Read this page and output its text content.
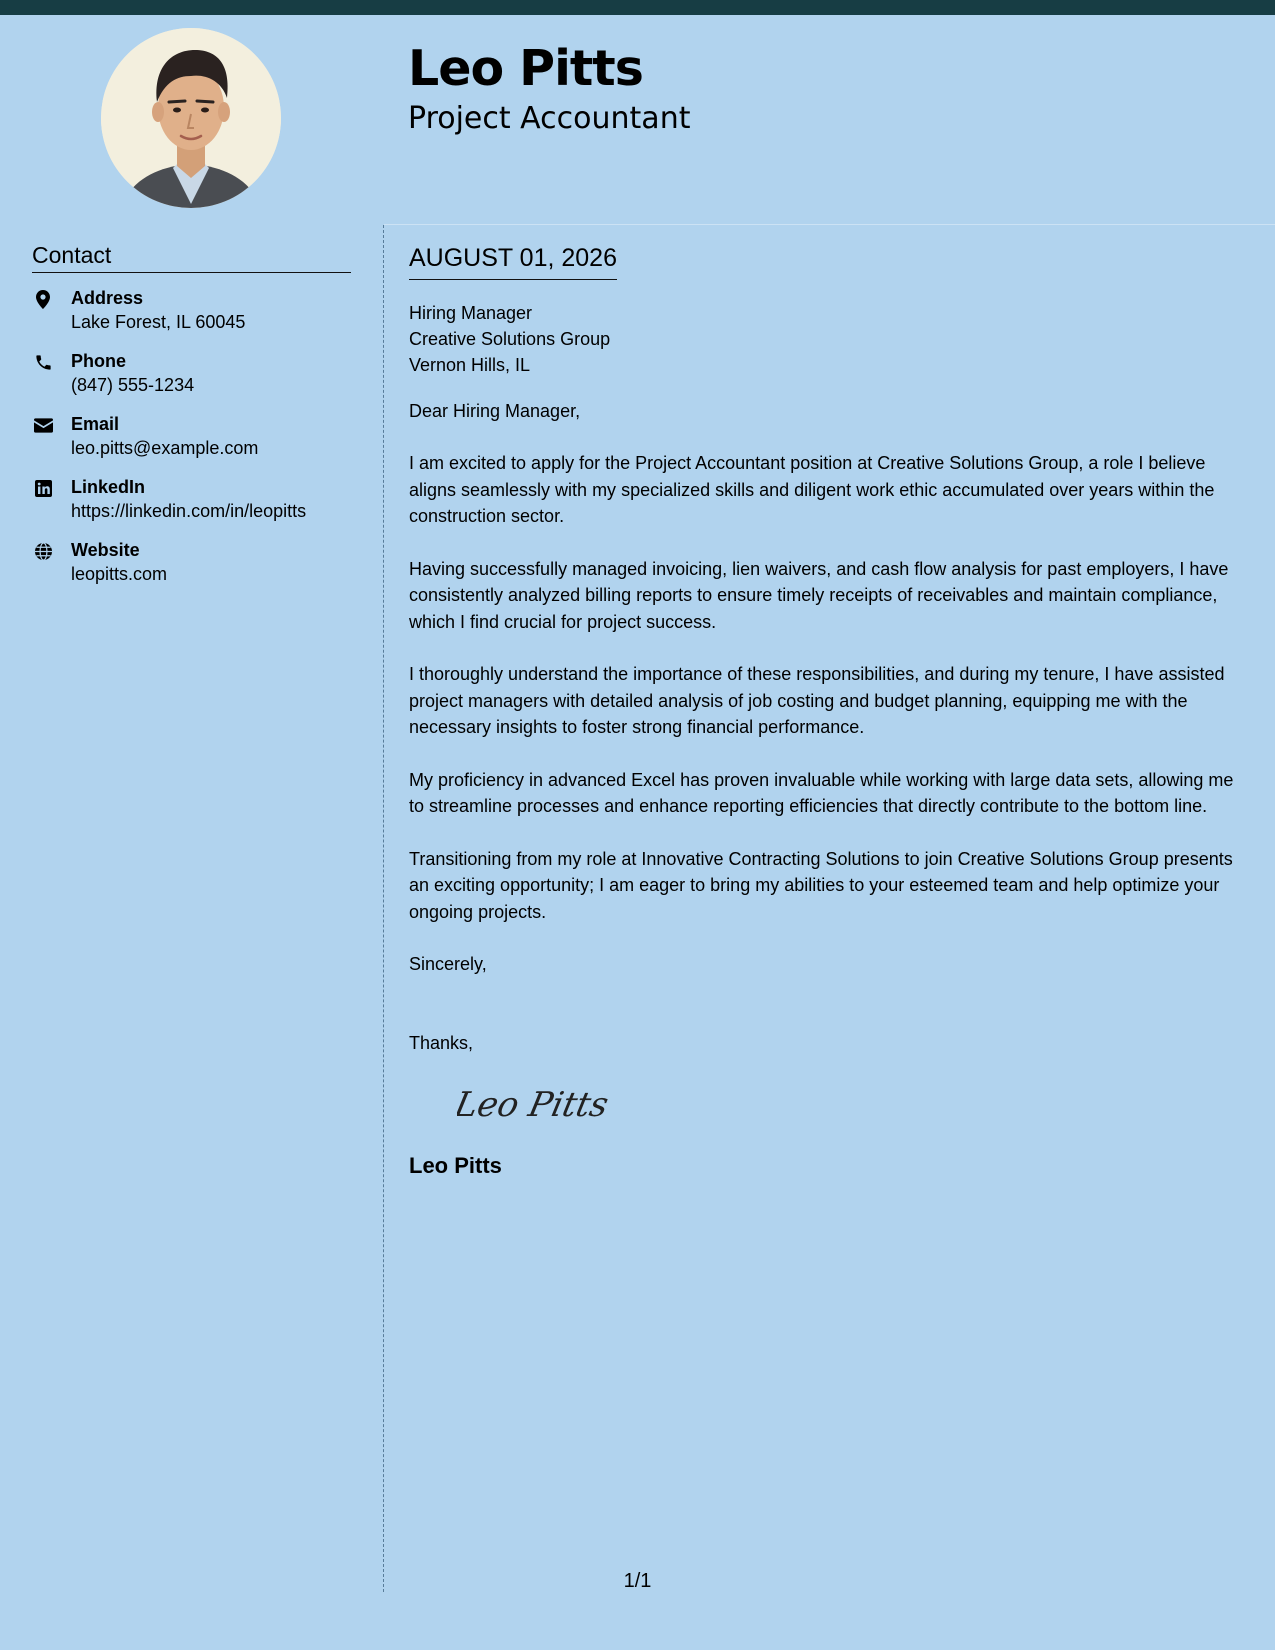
Leo Pitts
Project Accountant
Contact
Address
Lake Forest, IL 60045
Phone
(847) 555-1234
Email
leo.pitts@example.com
LinkedIn
https://linkedin.com/in/leopitts
Website
leopitts.com
AUGUST 01, 2026
Hiring Manager
Creative Solutions Group
Vernon Hills, IL
Dear Hiring Manager,

I am excited to apply for the Project Accountant position at Creative Solutions Group, a role I believe aligns seamlessly with my specialized skills and diligent work ethic accumulated over years within the construction sector.

Having successfully managed invoicing, lien waivers, and cash flow analysis for past employers, I have consistently analyzed billing reports to ensure timely receipts of receivables and maintain compliance, which I find crucial for project success.

I thoroughly understand the importance of these responsibilities, and during my tenure, I have assisted project managers with detailed analysis of job costing and budget planning, equipping me with the necessary insights to foster strong financial performance.

My proficiency in advanced Excel has proven invaluable while working with large data sets, allowing me to streamline processes and enhance reporting efficiencies that directly contribute to the bottom line.

Transitioning from my role at Innovative Contracting Solutions to join Creative Solutions Group presents an exciting opportunity; I am eager to bring my abilities to your esteemed team and help optimize your ongoing projects.

Sincerely,
Thanks,
Leo Pitts
Leo Pitts
1/1
